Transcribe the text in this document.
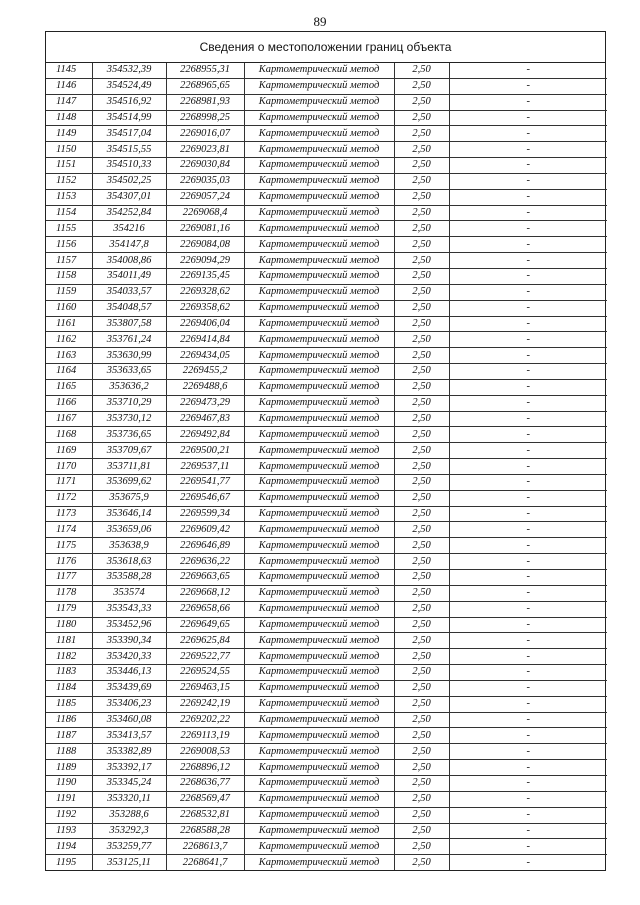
89
Сведения о местоположении границ объекта
1145	354532,39	2268955,31	Картометрический метод	2,50	-
1146	354524,49	2268965,65	Картометрический метод	2,50	-
1147	354516,92	2268981,93	Картометрический метод	2,50	-
1148	354514,99	2268998,25	Картометрический метод	2,50	-
1149	354517,04	2269016,07	Картометрический метод	2,50	-
1150	354515,55	2269023,81	Картометрический метод	2,50	-
1151	354510,33	2269030,84	Картометрический метод	2,50	-
1152	354502,25	2269035,03	Картометрический метод	2,50	-
1153	354307,01	2269057,24	Картометрический метод	2,50	-
1154	354252,84	2269068,4	Картометрический метод	2,50	-
1155	354216	2269081,16	Картометрический метод	2,50	-
1156	354147,8	2269084,08	Картометрический метод	2,50	-
1157	354008,86	2269094,29	Картометрический метод	2,50	-
1158	354011,49	2269135,45	Картометрический метод	2,50	-
1159	354033,57	2269328,62	Картометрический метод	2,50	-
1160	354048,57	2269358,62	Картометрический метод	2,50	-
1161	353807,58	2269406,04	Картометрический метод	2,50	-
1162	353761,24	2269414,84	Картометрический метод	2,50	-
1163	353630,99	2269434,05	Картометрический метод	2,50	-
1164	353633,65	2269455,2	Картометрический метод	2,50	-
1165	353636,2	2269488,6	Картометрический метод	2,50	-
1166	353710,29	2269473,29	Картометрический метод	2,50	-
1167	353730,12	2269467,83	Картометрический метод	2,50	-
1168	353736,65	2269492,84	Картометрический метод	2,50	-
1169	353709,67	2269500,21	Картометрический метод	2,50	-
1170	353711,81	2269537,11	Картометрический метод	2,50	-
1171	353699,62	2269541,77	Картометрический метод	2,50	-
1172	353675,9	2269546,67	Картометрический метод	2,50	-
1173	353646,14	2269599,34	Картометрический метод	2,50	-
1174	353659,06	2269609,42	Картометрический метод	2,50	-
1175	353638,9	2269646,89	Картометрический метод	2,50	-
1176	353618,63	2269636,22	Картометрический метод	2,50	-
1177	353588,28	2269663,65	Картометрический метод	2,50	-
1178	353574	2269668,12	Картометрический метод	2,50	-
1179	353543,33	2269658,66	Картометрический метод	2,50	-
1180	353452,96	2269649,65	Картометрический метод	2,50	-
1181	353390,34	2269625,84	Картометрический метод	2,50	-
1182	353420,33	2269522,77	Картометрический метод	2,50	-
1183	353446,13	2269524,55	Картометрический метод	2,50	-
1184	353439,69	2269463,15	Картометрический метод	2,50	-
1185	353406,23	2269242,19	Картометрический метод	2,50	-
1186	353460,08	2269202,22	Картометрический метод	2,50	-
1187	353413,57	2269113,19	Картометрический метод	2,50	-
1188	353382,89	2269008,53	Картометрический метод	2,50	-
1189	353392,17	2268896,12	Картометрический метод	2,50	-
1190	353345,24	2268636,77	Картометрический метод	2,50	-
1191	353320,11	2268569,47	Картометрический метод	2,50	-
1192	353288,6	2268532,81	Картометрический метод	2,50	-
1193	353292,3	2268588,28	Картометрический метод	2,50	-
1194	353259,77	2268613,7	Картометрический метод	2,50	-
1195	353125,11	2268641,7	Картометрический метод	2,50	-
